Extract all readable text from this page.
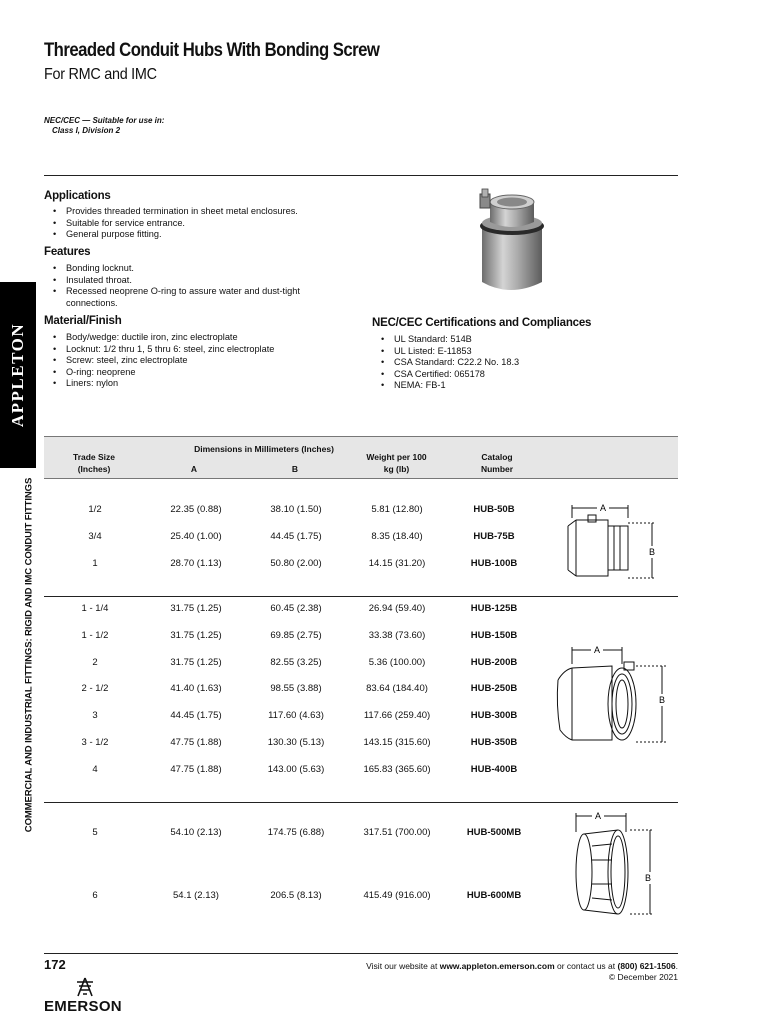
Threaded Conduit Hubs With Bonding Screw
For RMC and IMC
NEC/CEC — Suitable for use in:
Class I, Division 2
Applications
• Provides threaded termination in sheet metal enclosures.
• Suitable for service entrance.
• General purpose fitting.
Features
• Bonding locknut.
• Insulated throat.
• Recessed neoprene O-ring to assure water and dust-tight connections.
Material/Finish
• Body/wedge: ductile iron, zinc electroplate
• Locknut: 1/2 thru 1, 5 thru 6: steel, zinc electroplate
• Screw: steel, zinc electroplate
• O-ring: neoprene
• Liners: nylon
NEC/CEC Certifications and Compliances
• UL Standard: 514B
• UL Listed: E-11853
• CSA Standard: C22.2 No. 18.3
• CSA Certified: 065178
• NEMA: FB-1
APPLETON
COMMERCIAL AND INDUSTRIAL FITTINGS: RIGID AND IMC CONDUIT FITTINGS
Trade Size
(Inches)
Dimensions in Millimeters (Inches)
A	B
Weight per 100
kg (lb)
Catalog
Number
1/2	22.35 (0.88)	38.10 (1.50)	5.81 (12.80)	HUB-50B
3/4	25.40 (1.00)	44.45 (1.75)	8.35 (18.40)	HUB-75B
1	28.70 (1.13)	50.80 (2.00)	14.15 (31.20)	HUB-100B
1 - 1/4	31.75 (1.25)	60.45 (2.38)	26.94 (59.40)	HUB-125B
1 - 1/2	31.75 (1.25)	69.85 (2.75)	33.38 (73.60)	HUB-150B
2	31.75 (1.25)	82.55 (3.25)	5.36 (100.00)	HUB-200B
2 - 1/2	41.40 (1.63)	98.55 (3.88)	83.64 (184.40)	HUB-250B
3	44.45 (1.75)	117.60 (4.63)	117.66 (259.40)	HUB-300B
3 - 1/2	47.75 (1.88)	130.30 (5.13)	143.15 (315.60)	HUB-350B
4	47.75 (1.88)	143.00 (5.63)	165.83 (365.60)	HUB-400B
5	54.10 (2.13)	174.75 (6.88)	317.51 (700.00)	HUB-500MB
6	54.1 (2.13)	206.5 (8.13)	415.49 (916.00)	HUB-600MB
A
B
A
B
A
B
172	Visit our website at www.appleton.emerson.com or contact us at (800) 621-1506.
© December 2021
EMERSON
